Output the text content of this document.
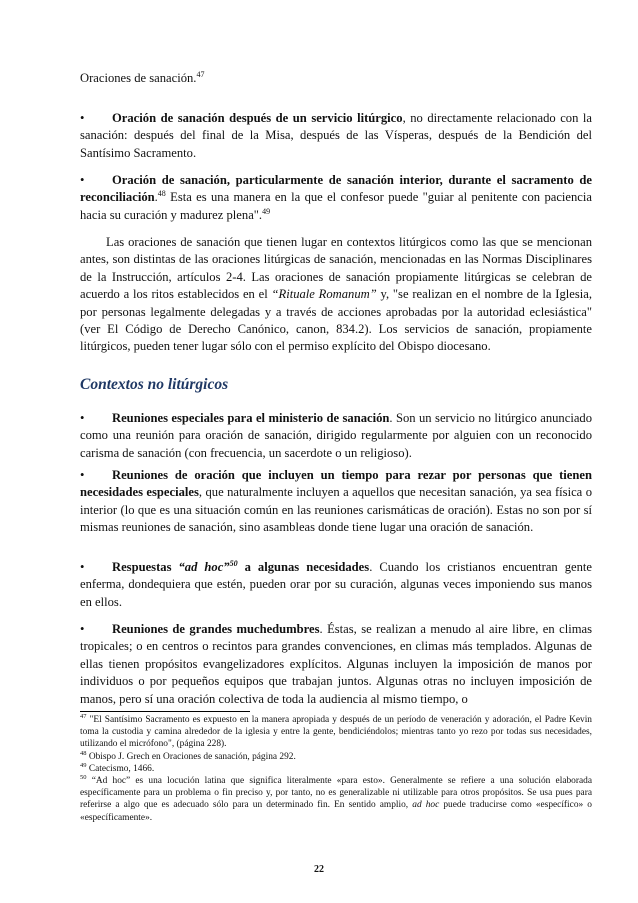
Oraciones de sanación.$^{47}$

• Oración de sanación después de un servicio litúrgico, no directamente relacionado con la sanación: después del final de la Misa, después de las Vísperas, después de la Bendición del Santísimo Sacramento.

• Oración de sanación, particularmente de sanación interior, durante el sacramento de reconciliación.$^{48}$ Esta es una manera en la que el confesor puede "guiar al penitente con paciencia hacia su curación y madurez plena".$^{49}$

Las oraciones de sanación que tienen lugar en contextos litúrgicos como las que se mencionan antes, son distintas de las oraciones litúrgicas de sanación, mencionadas en las Normas Disciplinares de la Instrucción, artículos 2-4. Las oraciones de sanación propiamente litúrgicas se celebran de acuerdo a los ritos establecidos en el “Rituale Romanum” y, "se realizan en el nombre de la Iglesia, por personas legalmente delegadas y a través de acciones aprobadas por la autoridad eclesiástica" (ver El Código de Derecho Canónico, canon, 834.2). Los servicios de sanación, propiamente litúrgicos, pueden tener lugar sólo con el permiso explícito del Obispo diocesano.

Contextos no litúrgicos

• Reuniones especiales para el ministerio de sanación. Son un servicio no litúrgico anunciado como una reunión para oración de sanación, dirigido regularmente por alguien con un reconocido carisma de sanación (con frecuencia, un sacerdote o un religioso).

• Reuniones de oración que incluyen un tiempo para rezar por personas que tienen necesidades especiales, que naturalmente incluyen a aquellos que necesitan sanación, ya sea física o interior (lo que es una situación común en las reuniones carismáticas de oración). Estas no son por sí mismas reuniones de sanación, sino asambleas donde tiene lugar una oración de sanación.

• Respuestas “ad hoc”$^{50}$ a algunas necesidades. Cuando los cristianos encuentran gente enferma, dondequiera que estén, pueden orar por su curación, algunas veces imponiendo sus manos en ellos.

• Reuniones de grandes muchedumbres. Éstas, se realizan a menudo al aire libre, en climas tropicales; o en centros o recintos para grandes convenciones, en climas más templados. Algunas de ellas tienen propósitos evangelizadores explícitos. Algunas incluyen la imposición de manos por individuos o por pequeños equipos que trabajan juntos. Algunas otras no incluyen imposición de manos, pero sí una oración colectiva de toda la audiencia al mismo tiempo, o

$^{47}$ "El Santísimo Sacramento es expuesto en la manera apropiada y después de un período de veneración y adoración, el Padre Kevin toma la custodia y camina alrededor de la iglesia y entre la gente, bendiciéndolos; mientras tanto yo rezo por todas sus necesidades, utilizando el micrófono", (página 228).

$^{48}$ Obispo J. Grech en Oraciones de sanación, página 292.

$^{49}$ Catecismo, 1466.

$^{50}$ “Ad hoc” es una locución latina que significa literalmente «para esto». Generalmente se refiere a una solución elaborada específicamente para un problema o fin preciso y, por tanto, no es generalizable ni utilizable para otros propósitos. Se usa pues para referirse a algo que es adecuado sólo para un determinado fin. En sentido amplio, ad hoc puede traducirse como «específico» o «específicamente».

22
